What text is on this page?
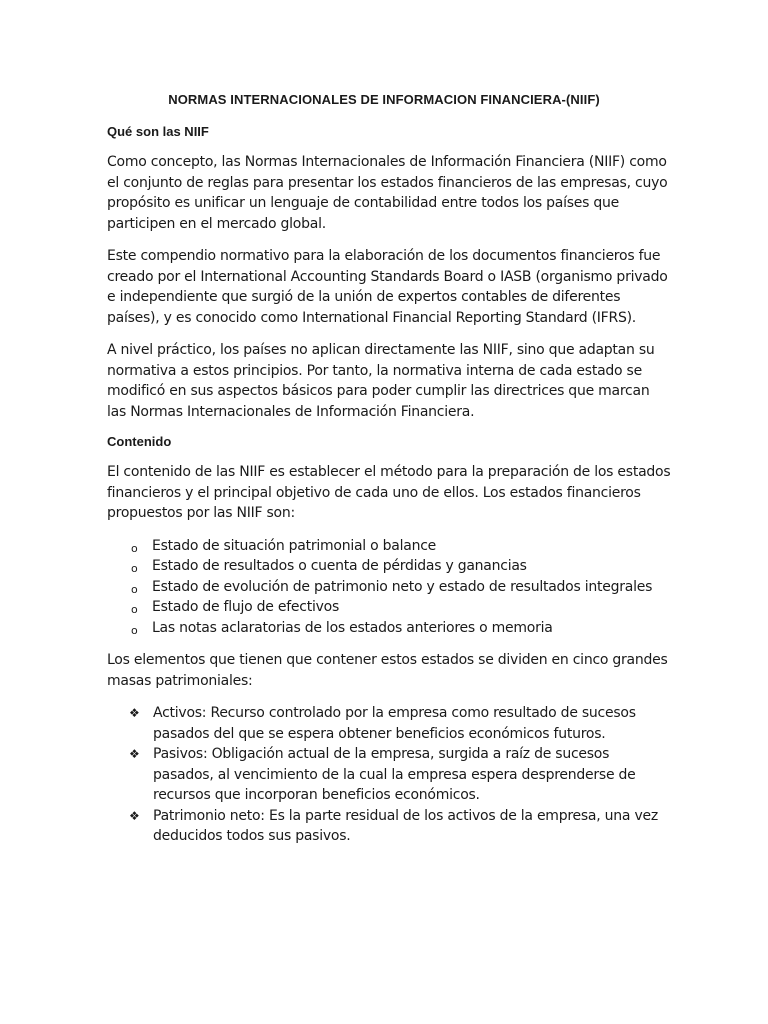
NORMAS INTERNACIONALES DE INFORMACION FINANCIERA-(NIIF)
Qué son las NIIF

Como concepto, las Normas Internacionales de Información Financiera (NIIF) como el conjunto de reglas para presentar los estados financieros de las empresas, cuyo propósito es unificar un lenguaje de contabilidad entre todos los países que participen en el mercado global.

Este compendio normativo para la elaboración de los documentos financieros fue creado por el International Accounting Standards Board o IASB (organismo privado e independiente que surgió de la unión de expertos contables de diferentes países), y es conocido como International Financial Reporting Standard (IFRS).

A nivel práctico, los países no aplican directamente las NIIF, sino que adaptan su normativa a estos principios. Por tanto, la normativa interna de cada estado se modificó en sus aspectos básicos para poder cumplir las directrices que marcan las Normas Internacionales de Información Financiera.

Contenido

El contenido de las NIIF es establecer el método para la preparación de los estados financieros y el principal objetivo de cada uno de ellos. Los estados financieros propuestos por las NIIF son:

o Estado de situación patrimonial o balance
o Estado de resultados o cuenta de pérdidas y ganancias
o Estado de evolución de patrimonio neto y estado de resultados integrales
o Estado de flujo de efectivos
o Las notas aclaratorias de los estados anteriores o memoria

Los elementos que tienen que contener estos estados se dividen en cinco grandes masas patrimoniales:

❖ Activos: Recurso controlado por la empresa como resultado de sucesos pasados del que se espera obtener beneficios económicos futuros.
❖ Pasivos: Obligación actual de la empresa, surgida a raíz de sucesos pasados, al vencimiento de la cual la empresa espera desprenderse de recursos que incorporan beneficios económicos.
❖ Patrimonio neto: Es la parte residual de los activos de la empresa, una vez deducidos todos sus pasivos.
